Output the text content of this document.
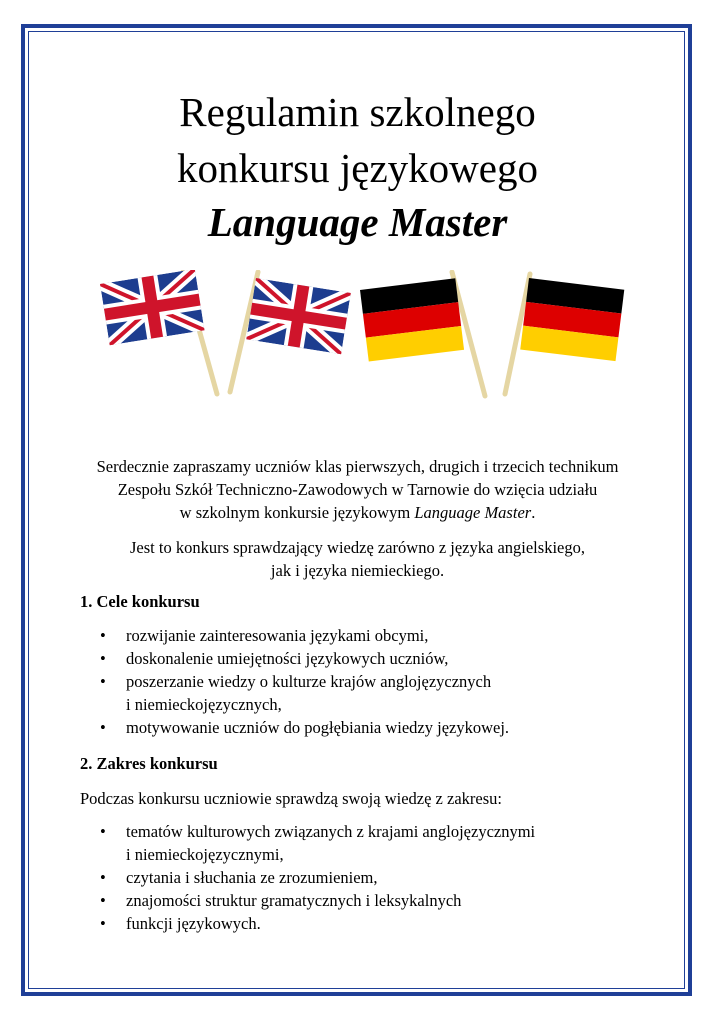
Regulamin szkolnego
konkursu językowego
Language Master
Serdecznie zapraszamy uczniów klas pierwszych, drugich i trzecich technikum
Zespołu Szkół Techniczno-Zawodowych w Tarnowie do wzięcia udziału
w szkolnym konkursie językowym Language Master.
Jest to konkurs sprawdzający wiedzę zarówno z języka angielskiego,
jak i języka niemieckiego.
1. Cele konkursu
• rozwijanie zainteresowania językami obcymi,
• doskonalenie umiejętności językowych uczniów,
• poszerzanie wiedzy o kulturze krajów anglojęzycznych
i niemieckojęzycznych,
• motywowanie uczniów do pogłębiania wiedzy językowej.
2. Zakres konkursu
Podczas konkursu uczniowie sprawdzą swoją wiedzę z zakresu:
• tematów kulturowych związanych z krajami anglojęzycznymi
i niemieckojęzycznymi,
• czytania i słuchania ze zrozumieniem,
• znajomości struktur gramatycznych i leksykalnych
• funkcji językowych.
